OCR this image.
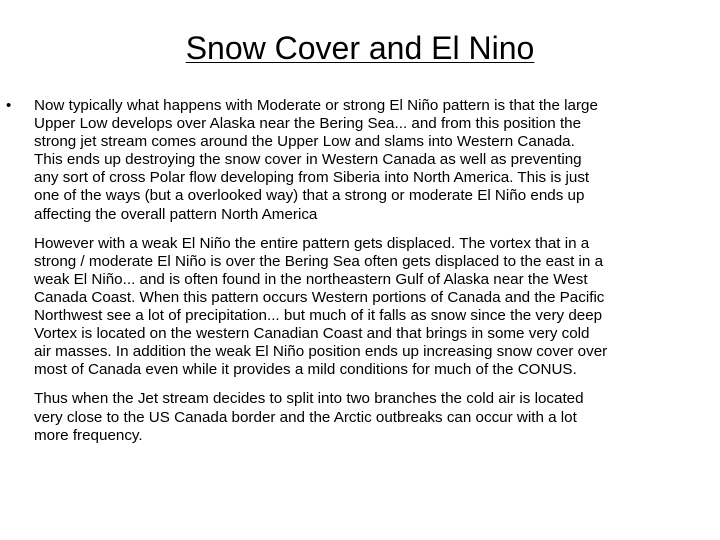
Snow Cover and El Nino
• Now typically what happens with Moderate or strong El Niño pattern is that the large
Upper Low develops over Alaska near the Bering Sea... and from this position the
strong jet stream comes around the Upper Low and slams into Western Canada.
This ends up destroying the snow cover in Western Canada as well as preventing
any sort of cross Polar flow developing from Siberia into North America. This is just
one of the ways (but a overlooked way) that a strong or moderate El Niño ends up
affecting the overall pattern North America
However with a weak El Niño the entire pattern gets displaced. The vortex that in a
strong / moderate El Niño is over the Bering Sea often gets displaced to the east in a
weak El Niño... and is often found in the northeastern Gulf of Alaska near the West
Canada Coast. When this pattern occurs Western portions of Canada and the Pacific
Northwest see a lot of precipitation... but much of it falls as snow since the very deep
Vortex is located on the western Canadian Coast and that brings in some very cold
air masses. In addition the weak El Niño position ends up increasing snow cover over
most of Canada even while it provides a mild conditions for much of the CONUS.
Thus when the Jet stream decides to split into two branches the cold air is located
very close to the US Canada border and the Arctic outbreaks can occur with a lot
more frequency.
